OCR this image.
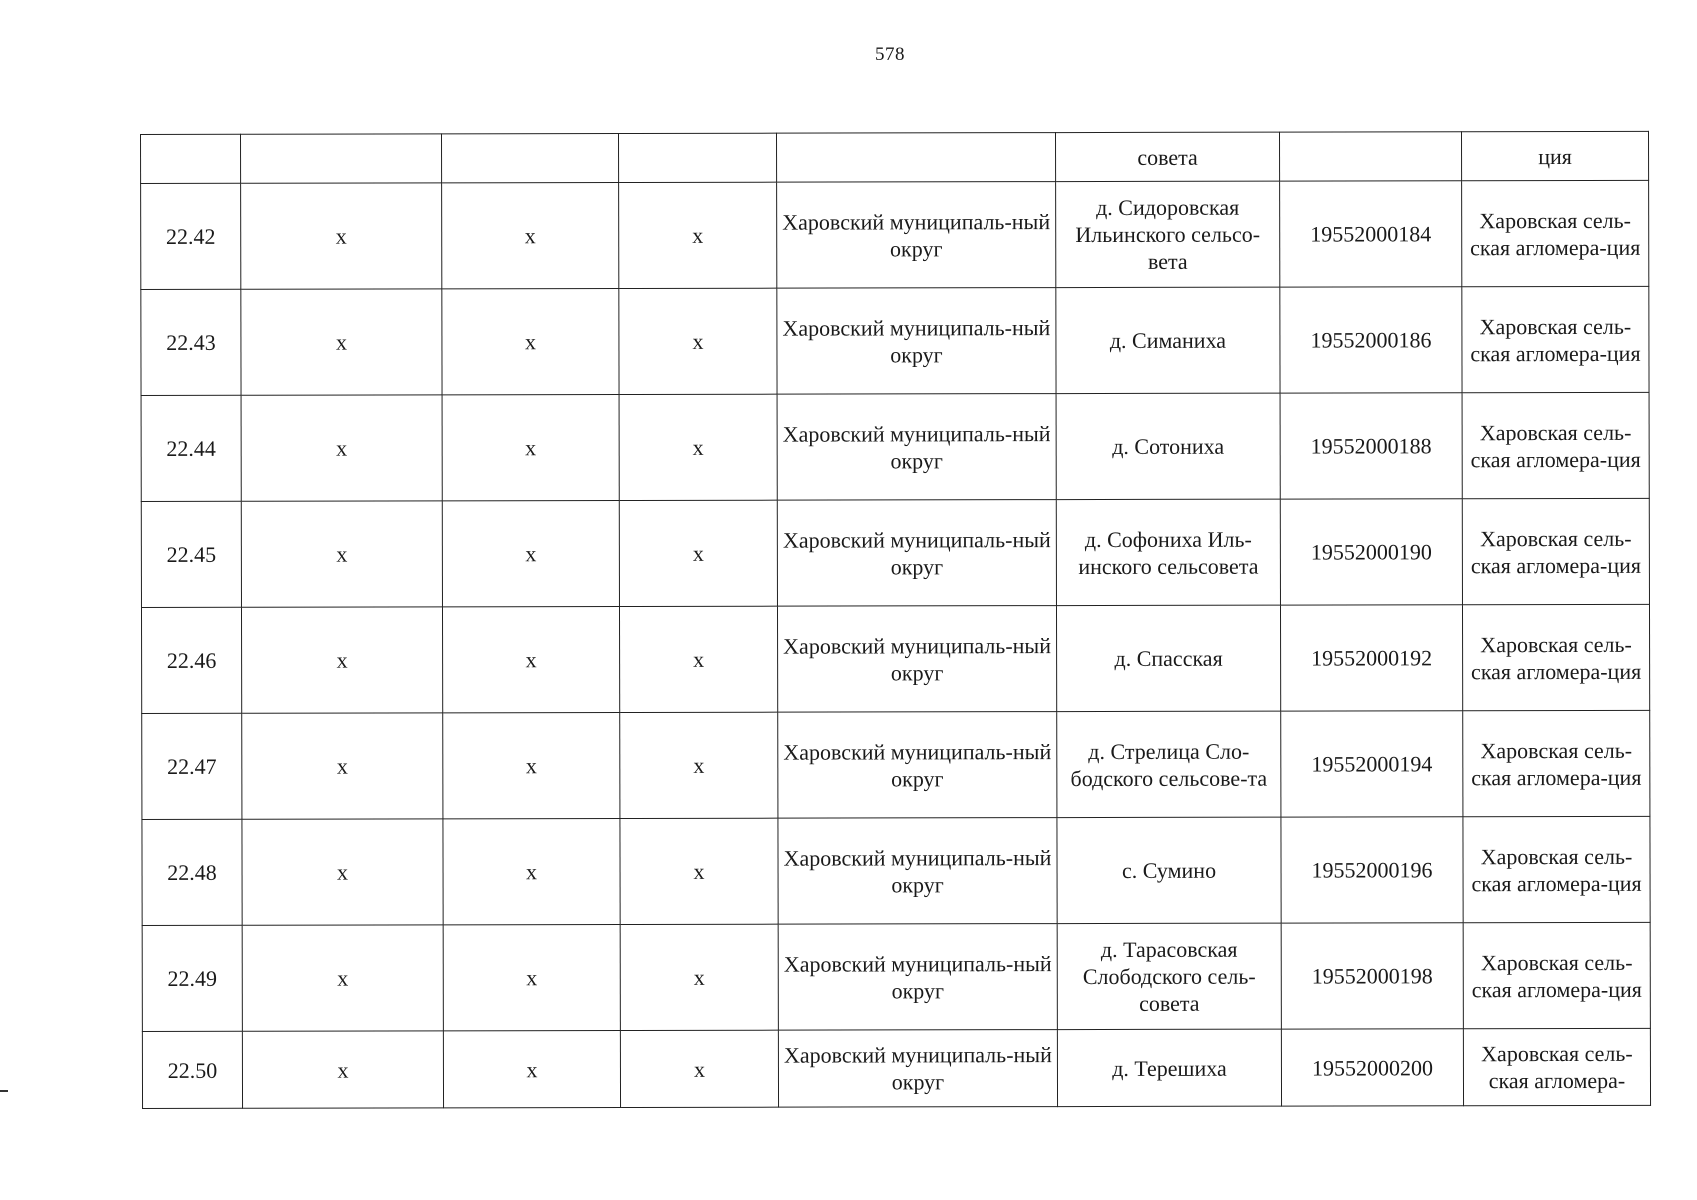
578
					совета		ция
22.42	х	х	х	Харовский муниципаль-ный округ	д. Сидоровская Ильинского сельсо-вета	19552000184	Харовская сель-ская агломера-ция
22.43	х	х	х	Харовский муниципаль-ный округ	д. Симаниха	19552000186	Харовская сель-ская агломера-ция
22.44	х	х	х	Харовский муниципаль-ный округ	д. Сотониха	19552000188	Харовская сель-ская агломера-ция
22.45	х	х	х	Харовский муниципаль-ный округ	д. Софониха Иль-инского сельсовета	19552000190	Харовская сель-ская агломера-ция
22.46	х	х	х	Харовский муниципаль-ный округ	д. Спасская	19552000192	Харовская сель-ская агломера-ция
22.47	х	х	х	Харовский муниципаль-ный округ	д. Стрелица Сло-бодского сельсове-та	19552000194	Харовская сель-ская агломера-ция
22.48	х	х	х	Харовский муниципаль-ный округ	с. Сумино	19552000196	Харовская сель-ская агломера-ция
22.49	х	х	х	Харовский муниципаль-ный округ	д. Тарасовская Слободского сель-совета	19552000198	Харовская сель-ская агломера-ция
22.50	х	х	х	Харовский муниципаль-ный округ	д. Терешиха	19552000200	Харовская сель-ская агломера-
